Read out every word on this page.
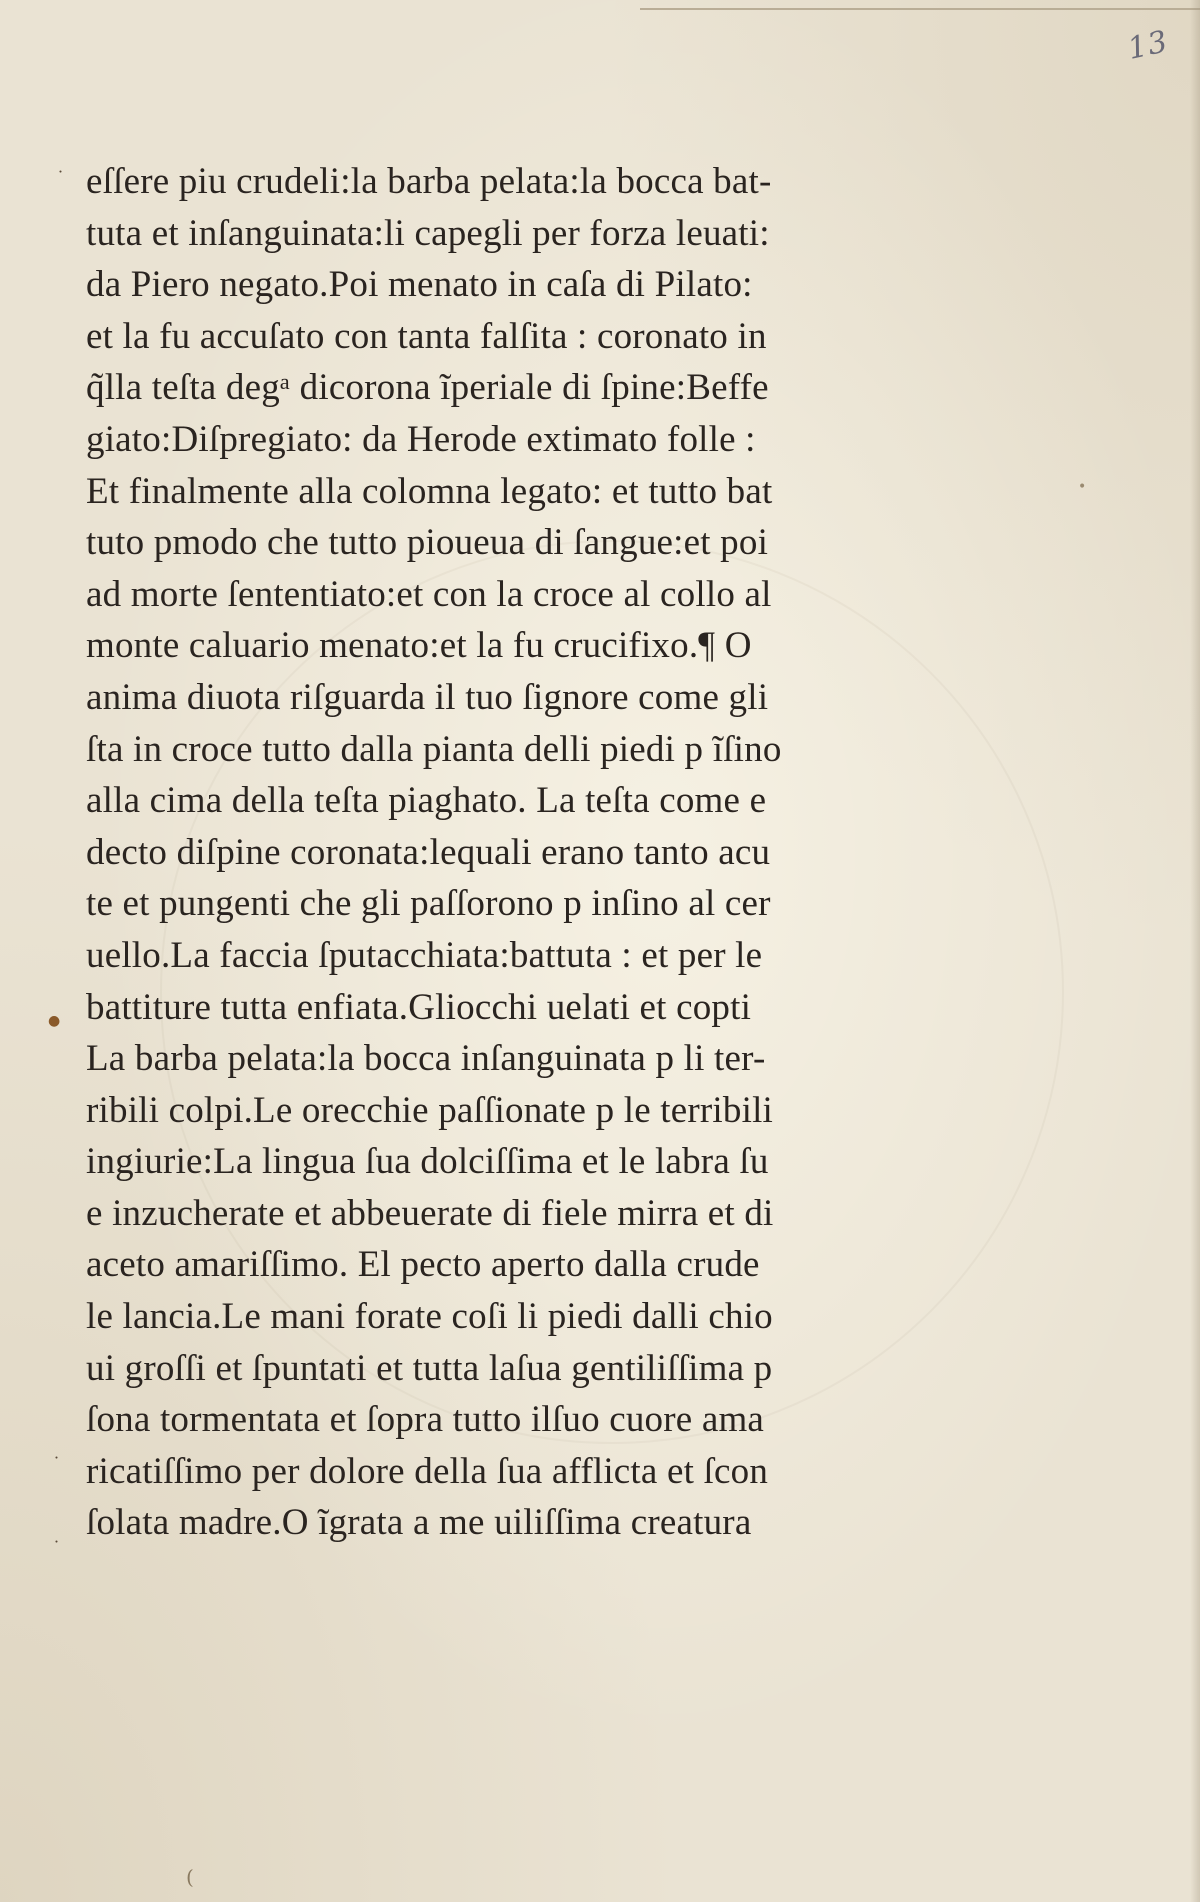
13
˙
●
˙
˙
•
(
eſſere piu crudeli:la barba pelata:la bocca bat-
tuta et inſanguinata:li capegli per forza leuati:
da Piero negato.Poi menato in caſa di Pilato:
et la fu accuſato con tanta falſita : coronato in
q̃lla teſta degᵃ dicorona ĩperiale di ſpine:Beffe
giato:Diſpregiato: da Herode extimato folle :
Et finalmente alla colomna legato: et tutto bat
tuto pmodo che tutto pioueua di ſangue:et poi
ad morte ſententiato:et con la croce al collo al
monte caluario menato:et la fu crucifixo.¶ O
anima diuota riſguarda il tuo ſignore come gli
ſta in croce tutto dalla pianta delli piedi p ĩſino
alla cima della teſta piaghato. La teſta come e
decto diſpine coronata:lequali erano tanto acu
te et pungenti che gli paſſorono p inſino al cer
uello.La faccia ſputacchiata:battuta : et per le
battiture tutta enfiata.Gliocchi uelati et copti
La barba pelata:la bocca inſanguinata p li ter-
ribili colpi.Le orecchie paſſionate p le terribili
ingiurie:La lingua ſua dolciſſima et le labra ſu
e inzucherate et abbeuerate di fiele mirra et di
aceto amariſſimo. El pecto aperto dalla crude
le lancia.Le mani forate coſi li piedi dalli chio
ui groſſi et ſpuntati et tutta laſua gentiliſſima p
ſona tormentata et ſopra tutto ilſuo cuore ama
ricatiſſimo per dolore della ſua afflicta et ſcon
ſolata madre.O ĩgrata a me uiliſſima creatura
